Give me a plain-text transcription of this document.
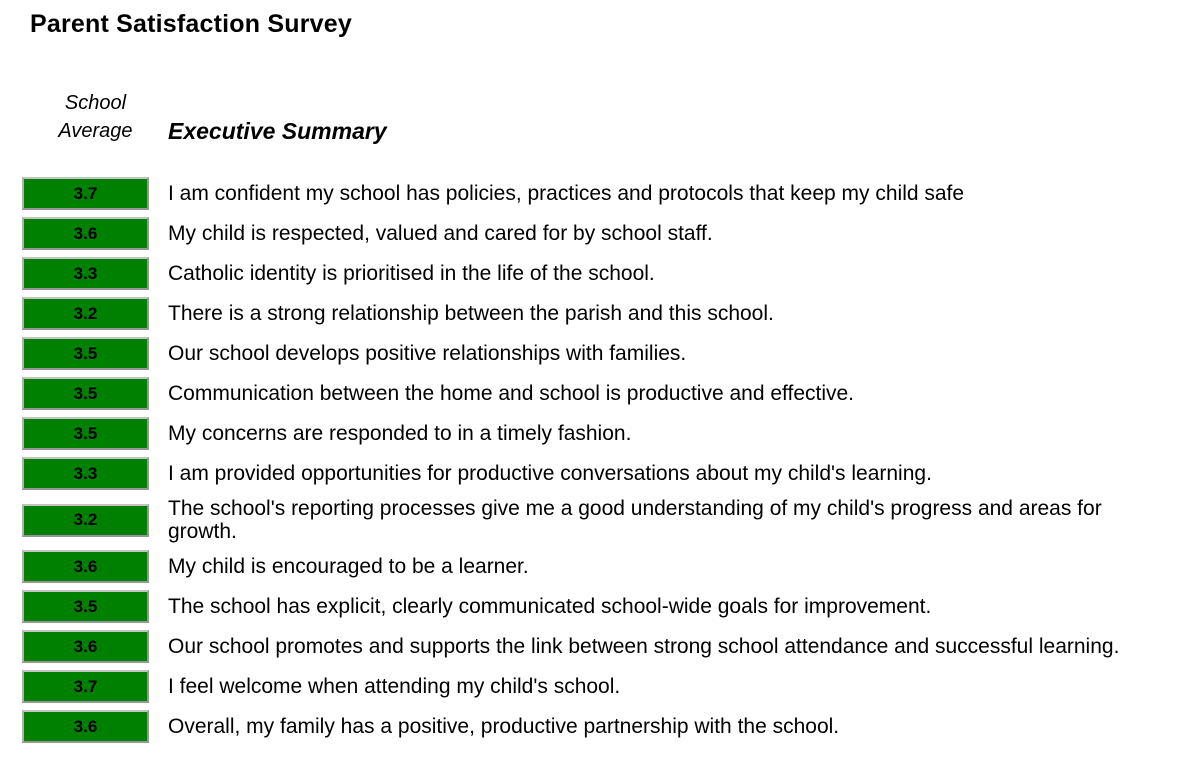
Parent Satisfaction Survey
School
Average	Executive Summary
3.7	I am confident my school has policies, practices and protocols that keep my child safe
3.6	My child is respected, valued and cared for by school staff.
3.3	Catholic identity is prioritised in the life of the school.
3.2	There is a strong relationship between the parish and this school.
3.5	Our school develops positive relationships with families.
3.5	Communication between the home and school is productive and effective.
3.5	My concerns are responded to in a timely fashion.
3.3	I am provided opportunities for productive conversations about my child's learning.
3.2	The school's reporting processes give me a good understanding of my child's progress and areas for growth.
3.6	My child is encouraged to be a learner.
3.5	The school has explicit, clearly communicated school-wide goals for improvement.
3.6	Our school promotes and supports the link between strong school attendance and successful learning.
3.7	I feel welcome when attending my child's school.
3.6	Overall, my family has a positive, productive partnership with the school.
